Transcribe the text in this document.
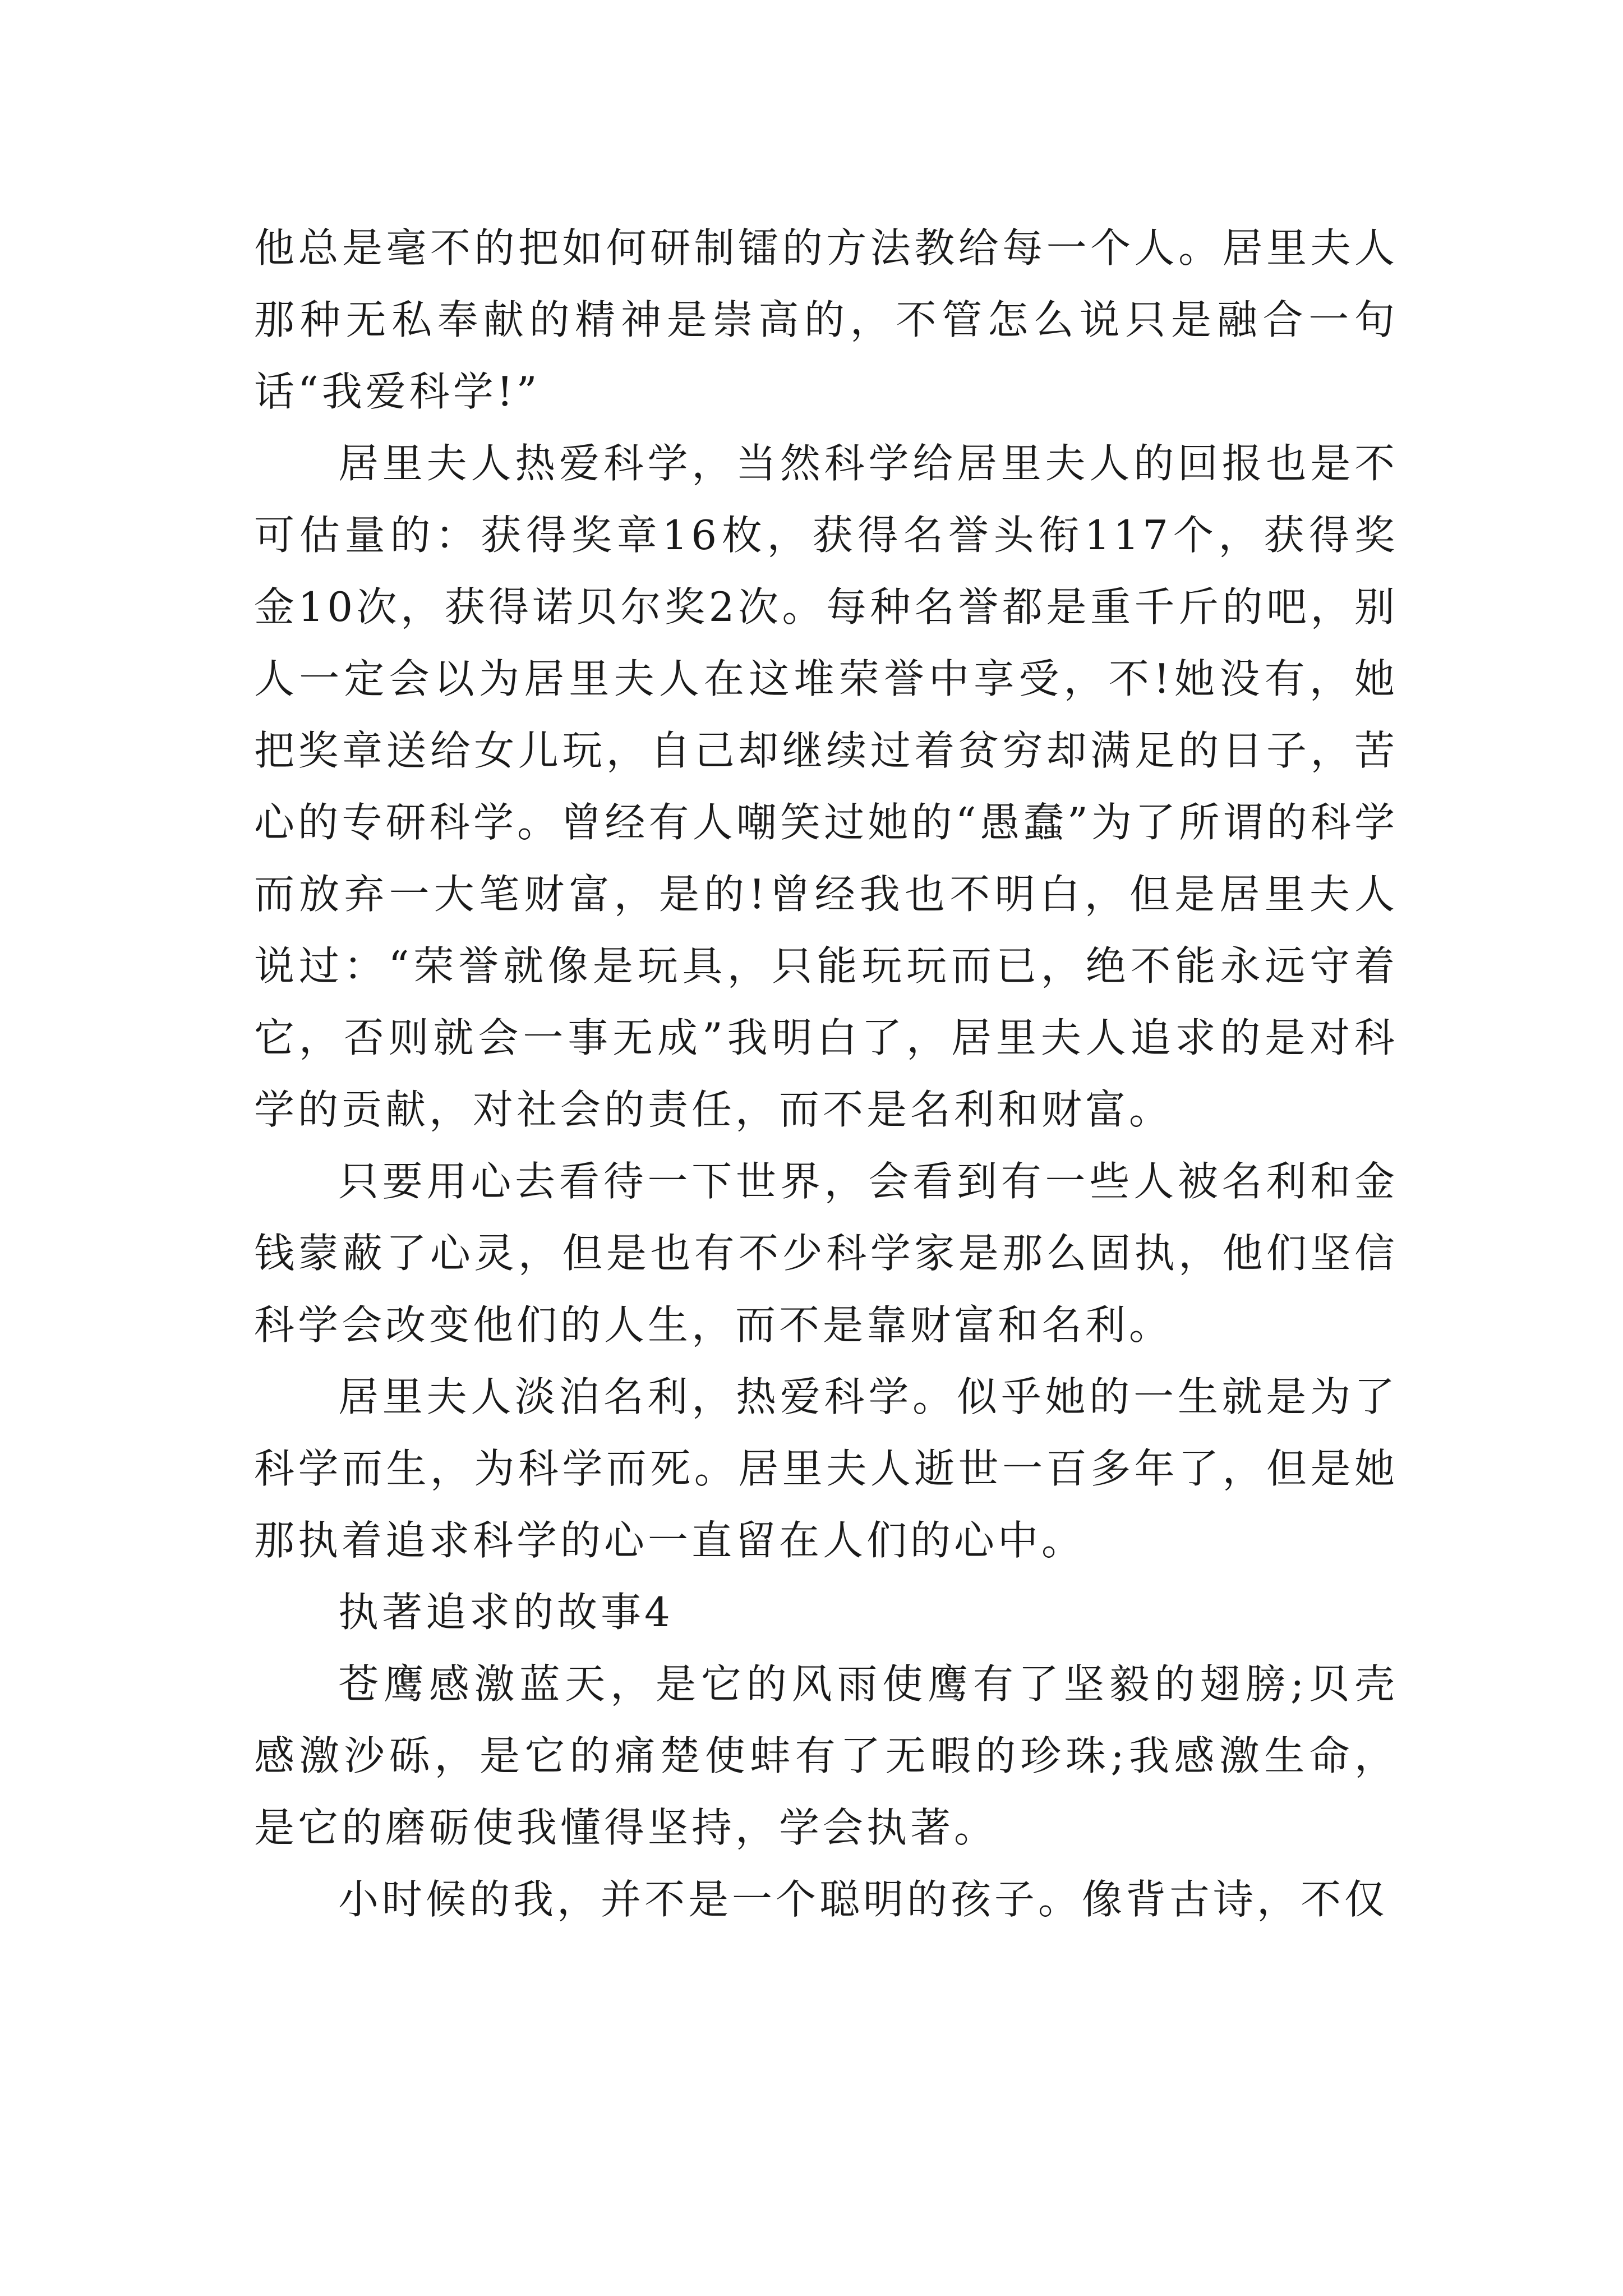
他总是毫不的把如何研制镭的方法教给每一个人。居里夫人那种无私奉献的精神是崇高的，不管怎么说只是融合一句话“我爱科学!”

居里夫人热爱科学，当然科学给居里夫人的回报也是不可估量的：获得奖章16枚，获得名誉头衔117个，获得奖金10次，获得诺贝尔奖2次。每种名誉都是重千斤的吧，别人一定会以为居里夫人在这堆荣誉中享受，不!她没有，她把奖章送给女儿玩，自己却继续过着贫穷却满足的日子，苦心的专研科学。曾经有人嘲笑过她的“愚蠢”为了所谓的科学而放弃一大笔财富，是的!曾经我也不明白，但是居里夫人说过：“荣誉就像是玩具，只能玩玩而已，绝不能永远守着它，否则就会一事无成”我明白了，居里夫人追求的是对科学的贡献，对社会的责任，而不是名利和财富。

只要用心去看待一下世界，会看到有一些人被名利和金钱蒙蔽了心灵，但是也有不少科学家是那么固执，他们坚信科学会改变他们的人生，而不是靠财富和名利。

居里夫人淡泊名利，热爱科学。似乎她的一生就是为了科学而生，为科学而死。居里夫人逝世一百多年了，但是她那执着追求科学的心一直留在人们的心中。

执著追求的故事4

苍鹰感激蓝天，是它的风雨使鹰有了坚毅的翅膀;贝壳感激沙砾，是它的痛楚使蚌有了无暇的珍珠;我感激生命，是它的磨砺使我懂得坚持，学会执著。

小时候的我，并不是一个聪明的孩子。像背古诗，不仅
